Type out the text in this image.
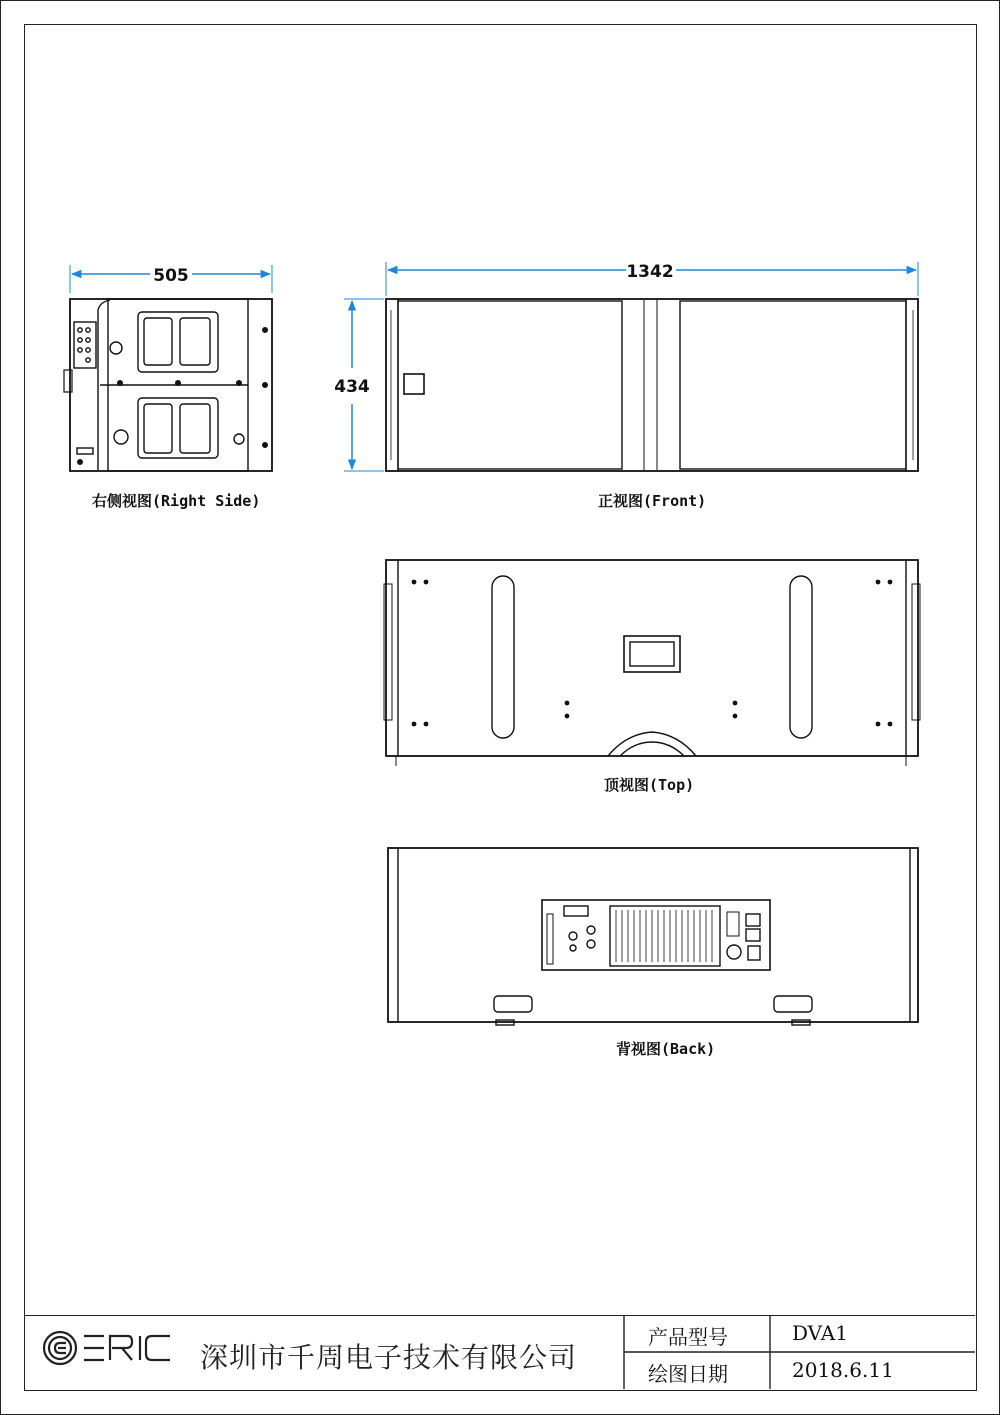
505	1342
434
右侧视图(Right Side)	正视图(Front)
顶视图(Top)
背视图(Back)
深圳市千周电子技术有限公司
产品型号	DVA1
绘图日期	2018.6.11
